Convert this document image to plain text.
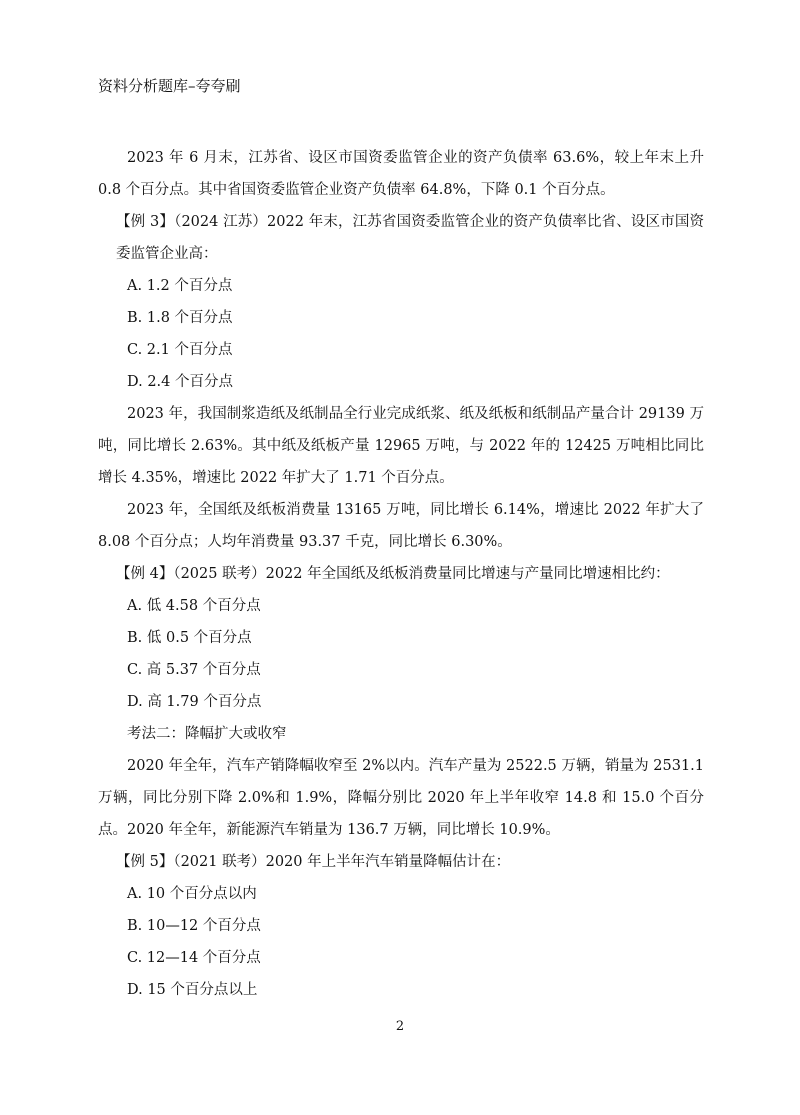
资料分析题库–夸夸刷

2023 年 6 月末，江苏省、设区市国资委监管企业的资产负债率 63.6%，较上年末上升 0.8 个百分点。其中省国资委监管企业资产负债率 64.8%，下降 0.1 个百分点。

【例 3】（2024 江苏）2022 年末，江苏省国资委监管企业的资产负债率比省、设区市国资委监管企业高：

A. 1.2 个百分点

B. 1.8 个百分点

C. 2.1 个百分点

D. 2.4 个百分点

2023 年，我国制浆造纸及纸制品全行业完成纸浆、纸及纸板和纸制品产量合计 29139 万吨，同比增长 2.63%。其中纸及纸板产量 12965 万吨，与 2022 年的 12425 万吨相比同比增长 4.35%，增速比 2022 年扩大了 1.71 个百分点。

2023 年，全国纸及纸板消费量 13165 万吨，同比增长 6.14%，增速比 2022 年扩大了 8.08 个百分点；人均年消费量 93.37 千克，同比增长 6.30%。

【例 4】（2025 联考）2022 年全国纸及纸板消费量同比增速与产量同比增速相比约：

A. 低 4.58 个百分点

B. 低 0.5 个百分点

C. 高 5.37 个百分点

D. 高 1.79 个百分点

考法二：降幅扩大或收窄

2020 年全年，汽车产销降幅收窄至 2%以内。汽车产量为 2522.5 万辆，销量为 2531.1 万辆，同比分别下降 2.0%和 1.9%，降幅分别比 2020 年上半年收窄 14.8 和 15.0 个百分点。2020 年全年，新能源汽车销量为 136.7 万辆，同比增长 10.9%。

【例 5】（2021 联考）2020 年上半年汽车销量降幅估计在：

A. 10 个百分点以内

B. 10—12 个百分点

C. 12—14 个百分点

D. 15 个百分点以上

2
